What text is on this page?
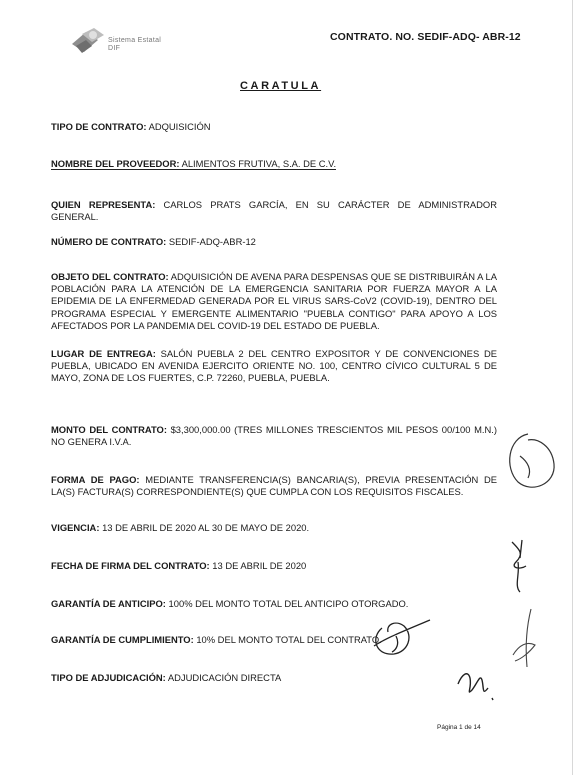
Sistema Estatal
DIF
CONTRATO. NO. SEDIF-ADQ- ABR-12
CARATULA
TIPO DE CONTRATO: ADQUISICIÓN
NOMBRE DEL PROVEEDOR: ALIMENTOS FRUTIVA, S.A. DE C.V.
QUIEN REPRESENTA: CARLOS PRATS GARCÍA, EN SU CARÁCTER DE ADMINISTRADOR GENERAL.
NÚMERO DE CONTRATO: SEDIF-ADQ-ABR-12
OBJETO DEL CONTRATO: ADQUISICIÓN DE AVENA PARA DESPENSAS QUE SE DISTRIBUIRÁN A LA POBLACIÓN PARA LA ATENCIÓN DE LA EMERGENCIA SANITARIA POR FUERZA MAYOR A LA EPIDEMIA DE LA ENFERMEDAD GENERADA POR EL VIRUS SARS-CoV2 (COVID-19), DENTRO DEL PROGRAMA ESPECIAL Y EMERGENTE ALIMENTARIO "PUEBLA CONTIGO" PARA APOYO A LOS AFECTADOS POR LA PANDEMIA DEL COVID-19 DEL ESTADO DE PUEBLA.
LUGAR DE ENTREGA: SALÓN PUEBLA 2 DEL CENTRO EXPOSITOR Y DE CONVENCIONES DE PUEBLA, UBICADO EN AVENIDA EJERCITO ORIENTE NO. 100, CENTRO CÍVICO CULTURAL 5 DE MAYO, ZONA DE LOS FUERTES, C.P. 72260, PUEBLA, PUEBLA.
MONTO DEL CONTRATO: $3,300,000.00 (TRES MILLONES TRESCIENTOS MIL PESOS 00/100 M.N.) NO GENERA I.V.A.
FORMA DE PAGO: MEDIANTE TRANSFERENCIA(S) BANCARIA(S), PREVIA PRESENTACIÓN DE LA(S) FACTURA(S) CORRESPONDIENTE(S) QUE CUMPLA CON LOS REQUISITOS FISCALES.
VIGENCIA: 13 DE ABRIL DE 2020 AL 30 DE MAYO DE 2020.
FECHA DE FIRMA DEL CONTRATO: 13 DE ABRIL DE 2020
GARANTÍA DE ANTICIPO: 100% DEL MONTO TOTAL DEL ANTICIPO OTORGADO.
GARANTÍA DE CUMPLIMIENTO: 10% DEL MONTO TOTAL DEL CONTRATO.
TIPO DE ADJUDICACIÓN: ADJUDICACIÓN DIRECTA
Página 1 de 14
